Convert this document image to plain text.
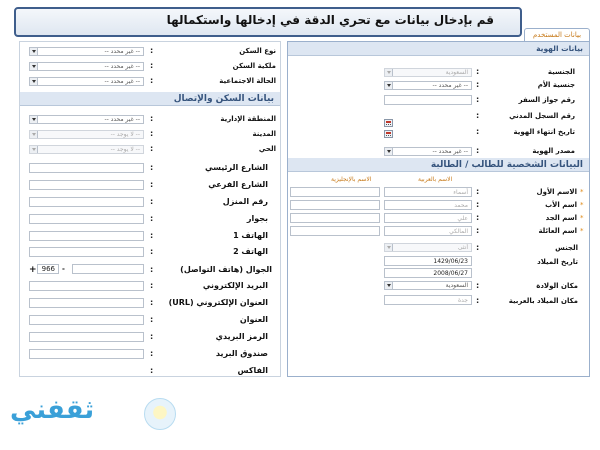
قم بإدخال بيانات مع تحري الدقة في إدخالها واستكمالها
بيانات المستخدم
بيانات الهوية
الجنسية
:
السعودية
جنسية الأم
:
-- غير محدد --
رقم جواز السفر
:
رقم السجل المدني
:
تاريخ انتهاء الهوية
:
مصدر الهوية
:
-- غير محدد --
البيانات الشخصية للطالب / الطالبة
الاسم بالعربية
الاسم بالإنجليزية
*
الاسم الأول
:
أسماء
*
اسم الأب
:
محمد
*
اسم الجد
:
علي
*
اسم العائلة
:
المالكي
الجنس
:
أنثى
تاريخ الميلاد
1429/06/23
2008/06/27
مكان الولادة
:
السعودية
مكان الميلاد بالعربية
:
جدة
نوع السكن
:
-- غير محدد --
ملكية السكن
:
-- غير محدد --
الحالة الاجتماعية
:
-- غير محدد --
بيانات السكن والإتصال
المنطقة الإدارية
:
-- غير محدد --
المدينة
:
-- لا يوجد --
الحي
:
-- لا يوجد --
الشارع الرئيسي
:
الشارع الفرعي
:
رقم المنزل
:
بجوار
:
الهاتف 1
:
الهاتف 2
:
الجوال (هاتف التواصل)
:
+ 966	-
البريد الإلكتروني
:
العنوان الإلكتروني (URL)
:
العنوان
:
الرمز البريدي
:
صندوق البريد
:
الفاكس
:
ثقفني
